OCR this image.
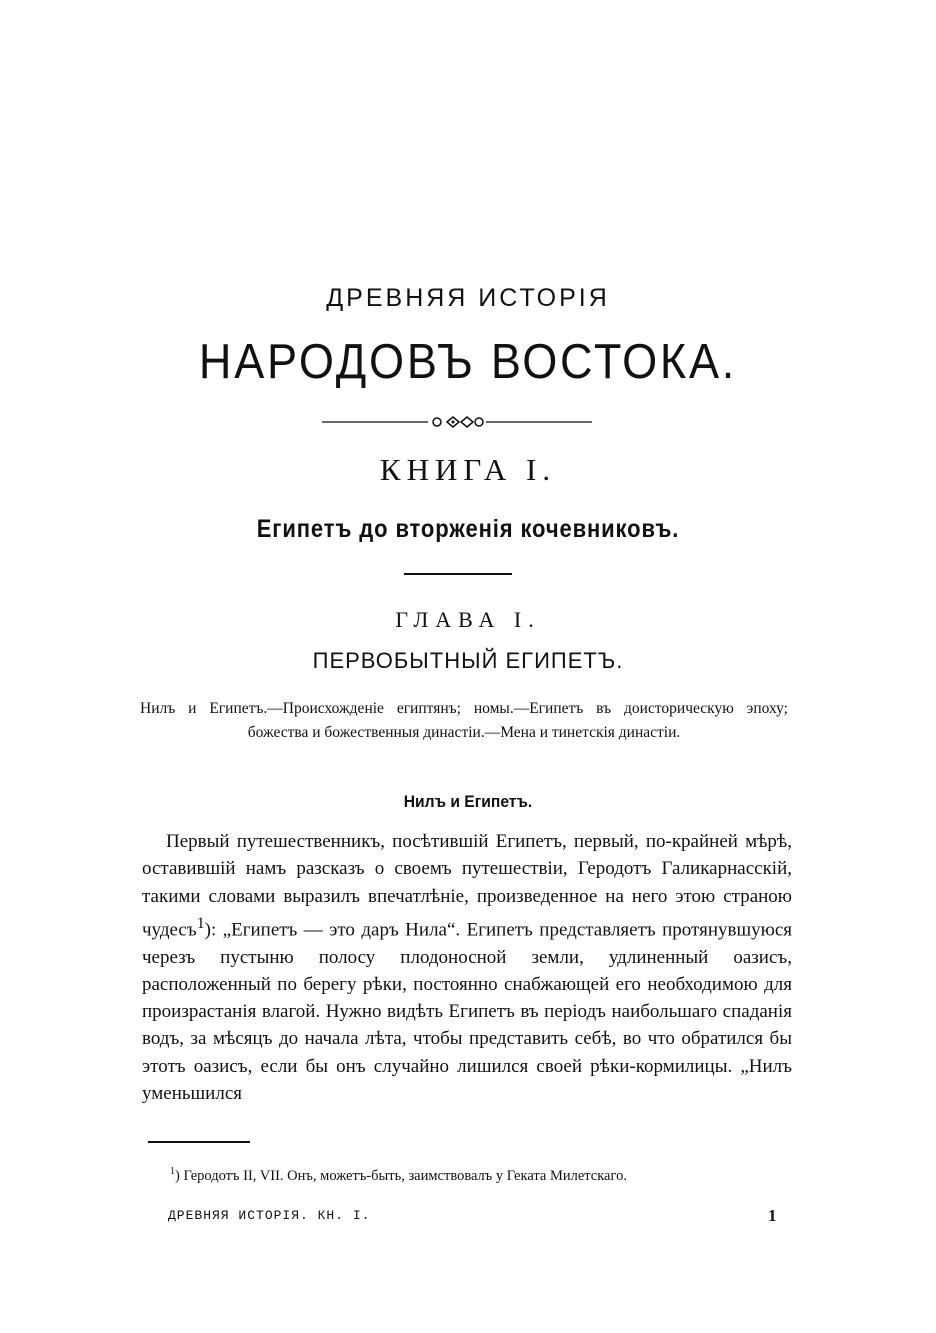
ДРЕВНЯЯ ИСТОРІЯ
НАРОДОВЪ ВОСТОКА.
КНИГА I.
Египетъ до вторженія кочевниковъ.
ГЛАВА I.
ПЕРВОБЫТНЫЙ ЕГИПЕТЪ.
Нилъ и Египетъ.—Происхожденіе египтянъ; номы.—Египетъ въ доисторическую эпоху; божества и божественныя династіи.—Мена и тинетскія династіи.
Нилъ и Египетъ.
Первый путешественникъ, посѣтившій Египетъ, первый, по-крайней мѣрѣ, оставившій намъ разсказъ о своемъ путешествіи, Геродотъ Галикарнасскій, такими словами выразилъ впечатлѣніе, произведенное на него этою страною чудесъ$^1$): „Египетъ — это даръ Нила“. Египетъ представляетъ протянувшуюся черезъ пустыню полосу плодоносной земли, удлиненный оазисъ, расположенный по берегу рѣки, постоянно снабжающей его необходимою для произрастанія влагой. Нужно видѣть Египетъ въ періодъ наибольшаго спаданія водъ, за мѣсяцъ до начала лѣта, чтобы представить себѣ, во что обратился бы этотъ оазисъ, если бы онъ случайно лишился своей рѣки-кормилицы. „Нилъ уменьшился
$^1$) Геродотъ II, VII. Онъ, можетъ-быть, заимствовалъ у Геката Милетскаго.
ДРЕВНЯЯ ИСТОРІЯ. КН. I.	1
